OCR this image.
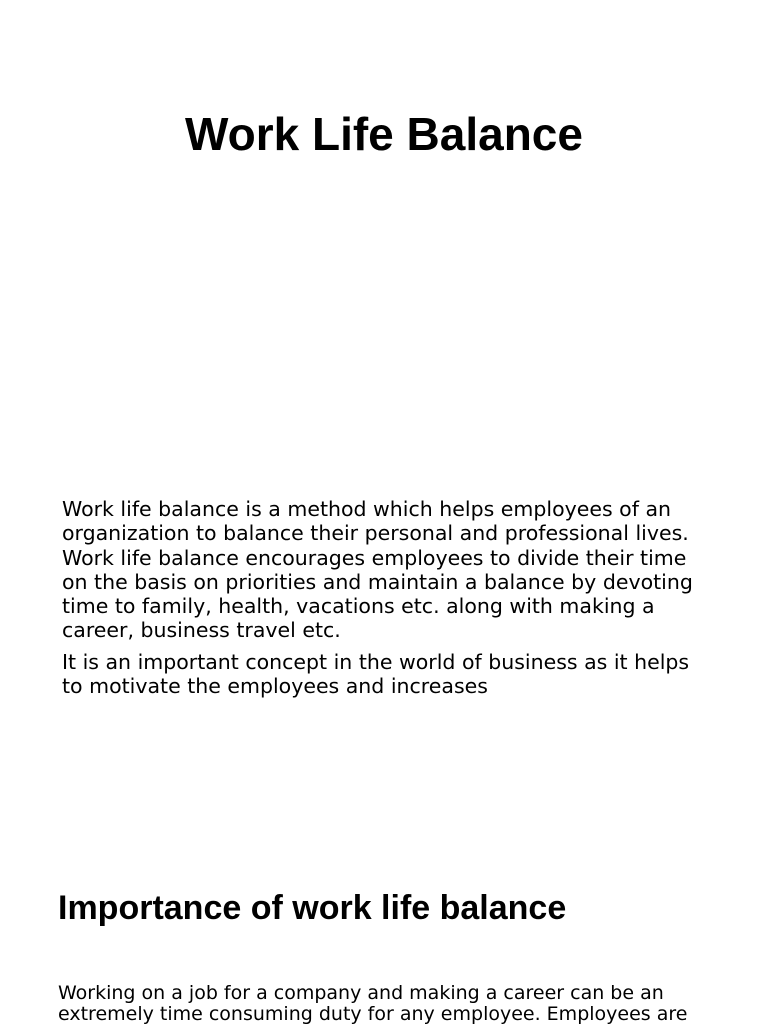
Work Life Balance

Work life balance is a method which helps employees of an organization to balance their personal and professional lives. Work life balance encourages employees to divide their time on the basis on priorities and maintain a balance by devoting time to family, health, vacations etc. along with making a career, business travel etc.

It is an important concept in the world of business as it helps to motivate the employees and increases

Importance of work life balance

Working on a job for a company and making a career can be an extremely time consuming duty for any employee. Employees are
